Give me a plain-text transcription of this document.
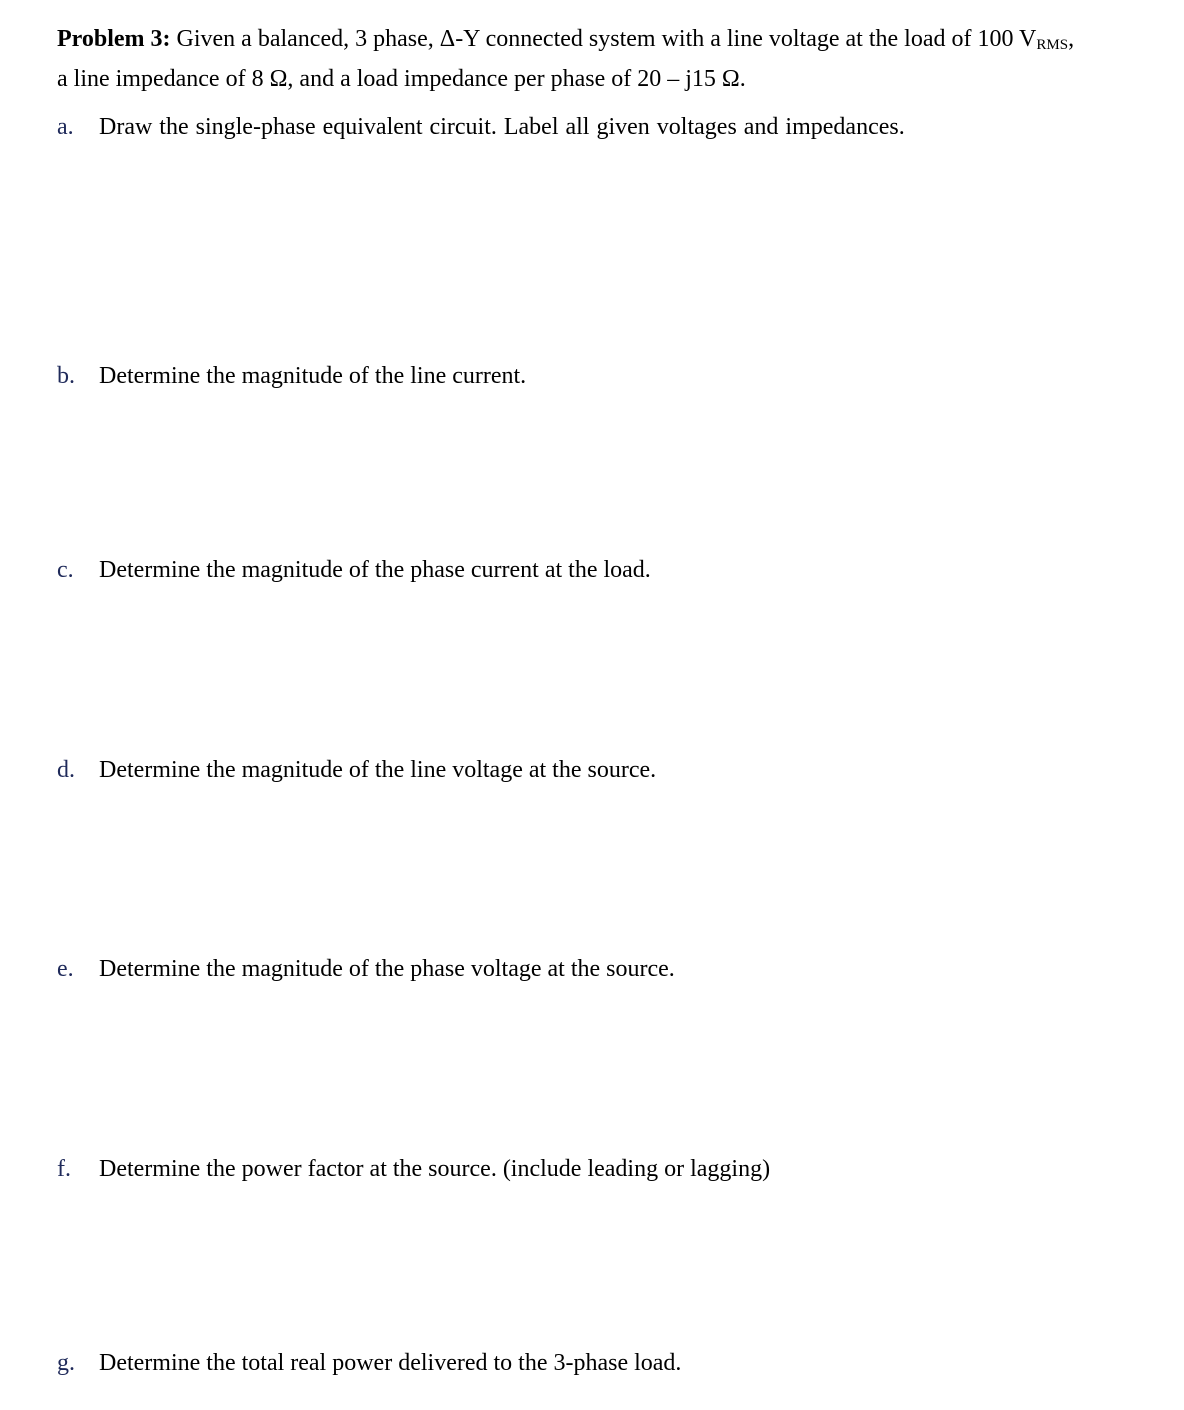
Problem 3: Given a balanced, 3 phase, Δ-Y connected system with a line voltage at the load of 100 VRMS,
a line impedance of 8 Ω, and a load impedance per phase of 20 – j15 Ω.
a. Draw the single-phase equivalent circuit. Label all given voltages and impedances.
b. Determine the magnitude of the line current.
c. Determine the magnitude of the phase current at the load.
d. Determine the magnitude of the line voltage at the source.
e. Determine the magnitude of the phase voltage at the source.
f. Determine the power factor at the source. (include leading or lagging)
g. Determine the total real power delivered to the 3-phase load.
